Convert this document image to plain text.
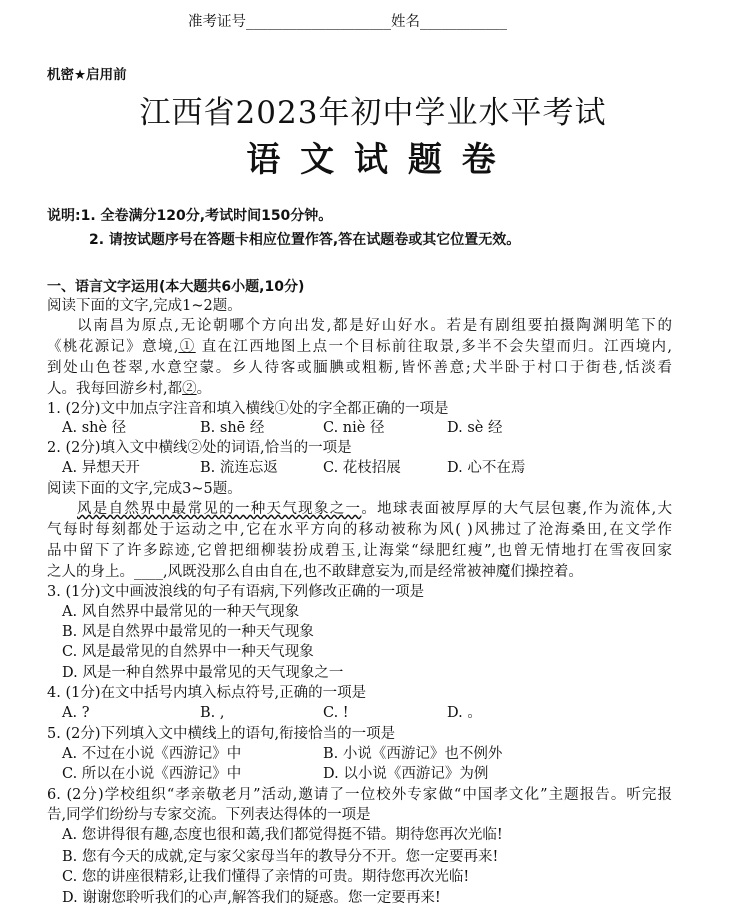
准考证号____________________姓名____________
机密★启用前
江西省2023年初中学业水平考试
语 文 试 题 卷
说明:1. 全卷满分120分,考试时间150分钟。
2. 请按试题序号在答题卡相应位置作答,答在试题卷或其它位置无效。
一、语言文字运用(本大题共6小题,10分)
阅读下面的文字,完成1~2题。
以南昌为原点,无论朝哪个方向出发,都是好山好水。若是有剧组要拍摄陶渊明笔下的
《桃花源记》意境,① 直在江西地图上点一个目标前往取景,多半不会失望而归。江西境内,
到处山色苍翠,水意空蒙。乡人待客或腼腆或粗粝,皆怀善意;犬半卧于村口于街巷,恬淡看
人。我每回游乡村,都②。
1. (2分)文中加点字注音和填入横线①处的字全都正确的一项是
A. shè 径	B. shē 经	C. niè 径	D. sè 经
2. (2分)填入文中横线②处的词语,恰当的一项是
A. 异想天开	B. 流连忘返	C. 花枝招展	D. 心不在焉
阅读下面的文字,完成3~5题。
风是自然界中最常见的一种天气现象之一。地球表面被厚厚的大气层包裹,作为流体,大
气每时每刻都处于运动之中,它在水平方向的移动被称为风( )风拂过了沧海桑田,在文学作
品中留下了许多踪迹,它曾把细柳装扮成碧玉,让海棠“绿肥红瘦”,也曾无情地打在雪夜回家
之人的身上。____,风既没那么自由自在,也不敢肆意妄为,而是经常被神魔们操控着。
3. (1分)文中画波浪线的句子有语病,下列修改正确的一项是
A. 风自然界中最常见的一种天气现象
B. 风是自然界中最常见的一种天气现象
C. 风是最常见的自然界中一种天气现象
D. 风是一种自然界中最常见的天气现象之一
4. (1分)在文中括号内填入标点符号,正确的一项是
A. ?	B. ,	C. !	D. 。
5. (2分)下列填入文中横线上的语句,衔接恰当的一项是
A. 不过在小说《西游记》中	B. 小说《西游记》也不例外
C. 所以在小说《西游记》中	D. 以小说《西游记》为例
6. (2分)学校组织“孝亲敬老月”活动,邀请了一位校外专家做“中国孝文化”主题报告。听完报
告,同学们纷纷与专家交流。下列表达得体的一项是
A. 您讲得很有趣,态度也很和蔼,我们都觉得挺不错。期待您再次光临!
B. 您有今天的成就,定与家父家母当年的教导分不开。您一定要再来!
C. 您的讲座很精彩,让我们懂得了亲情的可贵。期待您再次光临!
D. 谢谢您聆听我们的心声,解答我们的疑惑。您一定要再来!
